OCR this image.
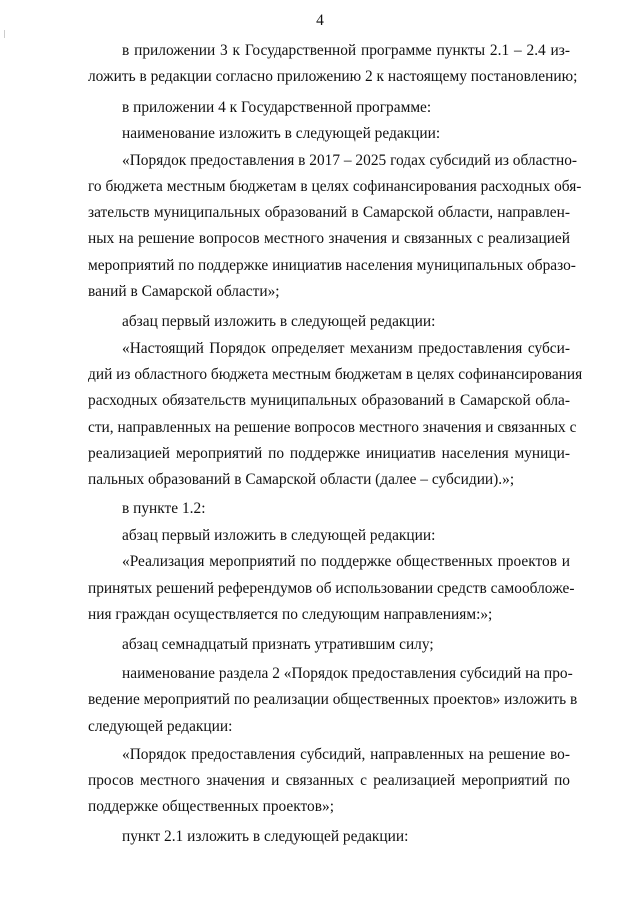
4
в приложении 3 к Государственной программе пункты 2.1 – 2.4 из-
ложить в редакции согласно приложению 2 к настоящему постановлению;
в приложении 4 к Государственной программе:
наименование изложить в следующей редакции:
«Порядок предоставления в 2017 – 2025 годах субсидий из областно-
го бюджета местным бюджетам в целях софинансирования расходных обя-
зательств муниципальных образований в Самарской области, направлен-
ных на решение вопросов местного значения и связанных с реализацией
мероприятий по поддержке инициатив населения муниципальных образо-
ваний в Самарской области»;
абзац первый изложить в следующей редакции:
«Настоящий Порядок определяет механизм предоставления субси-
дий из областного бюджета местным бюджетам в целях софинансирования
расходных обязательств муниципальных образований в Самарской обла-
сти, направленных на решение вопросов местного значения и связанных с
реализацией мероприятий по поддержке инициатив населения муници-
пальных образований в Самарской области (далее – субсидии).»;
в пункте 1.2:
абзац первый изложить в следующей редакции:
«Реализация мероприятий по поддержке общественных проектов и
принятых решений референдумов об использовании средств самообложе-
ния граждан осуществляется по следующим направлениям:»;
абзац семнадцатый признать утратившим силу;
наименование раздела 2 «Порядок предоставления субсидий на про-
ведение мероприятий по реализации общественных проектов» изложить в
следующей редакции:
«Порядок предоставления субсидий, направленных на решение во-
просов местного значения и связанных с реализацией мероприятий по
поддержке общественных проектов»;
пункт 2.1 изложить в следующей редакции:
